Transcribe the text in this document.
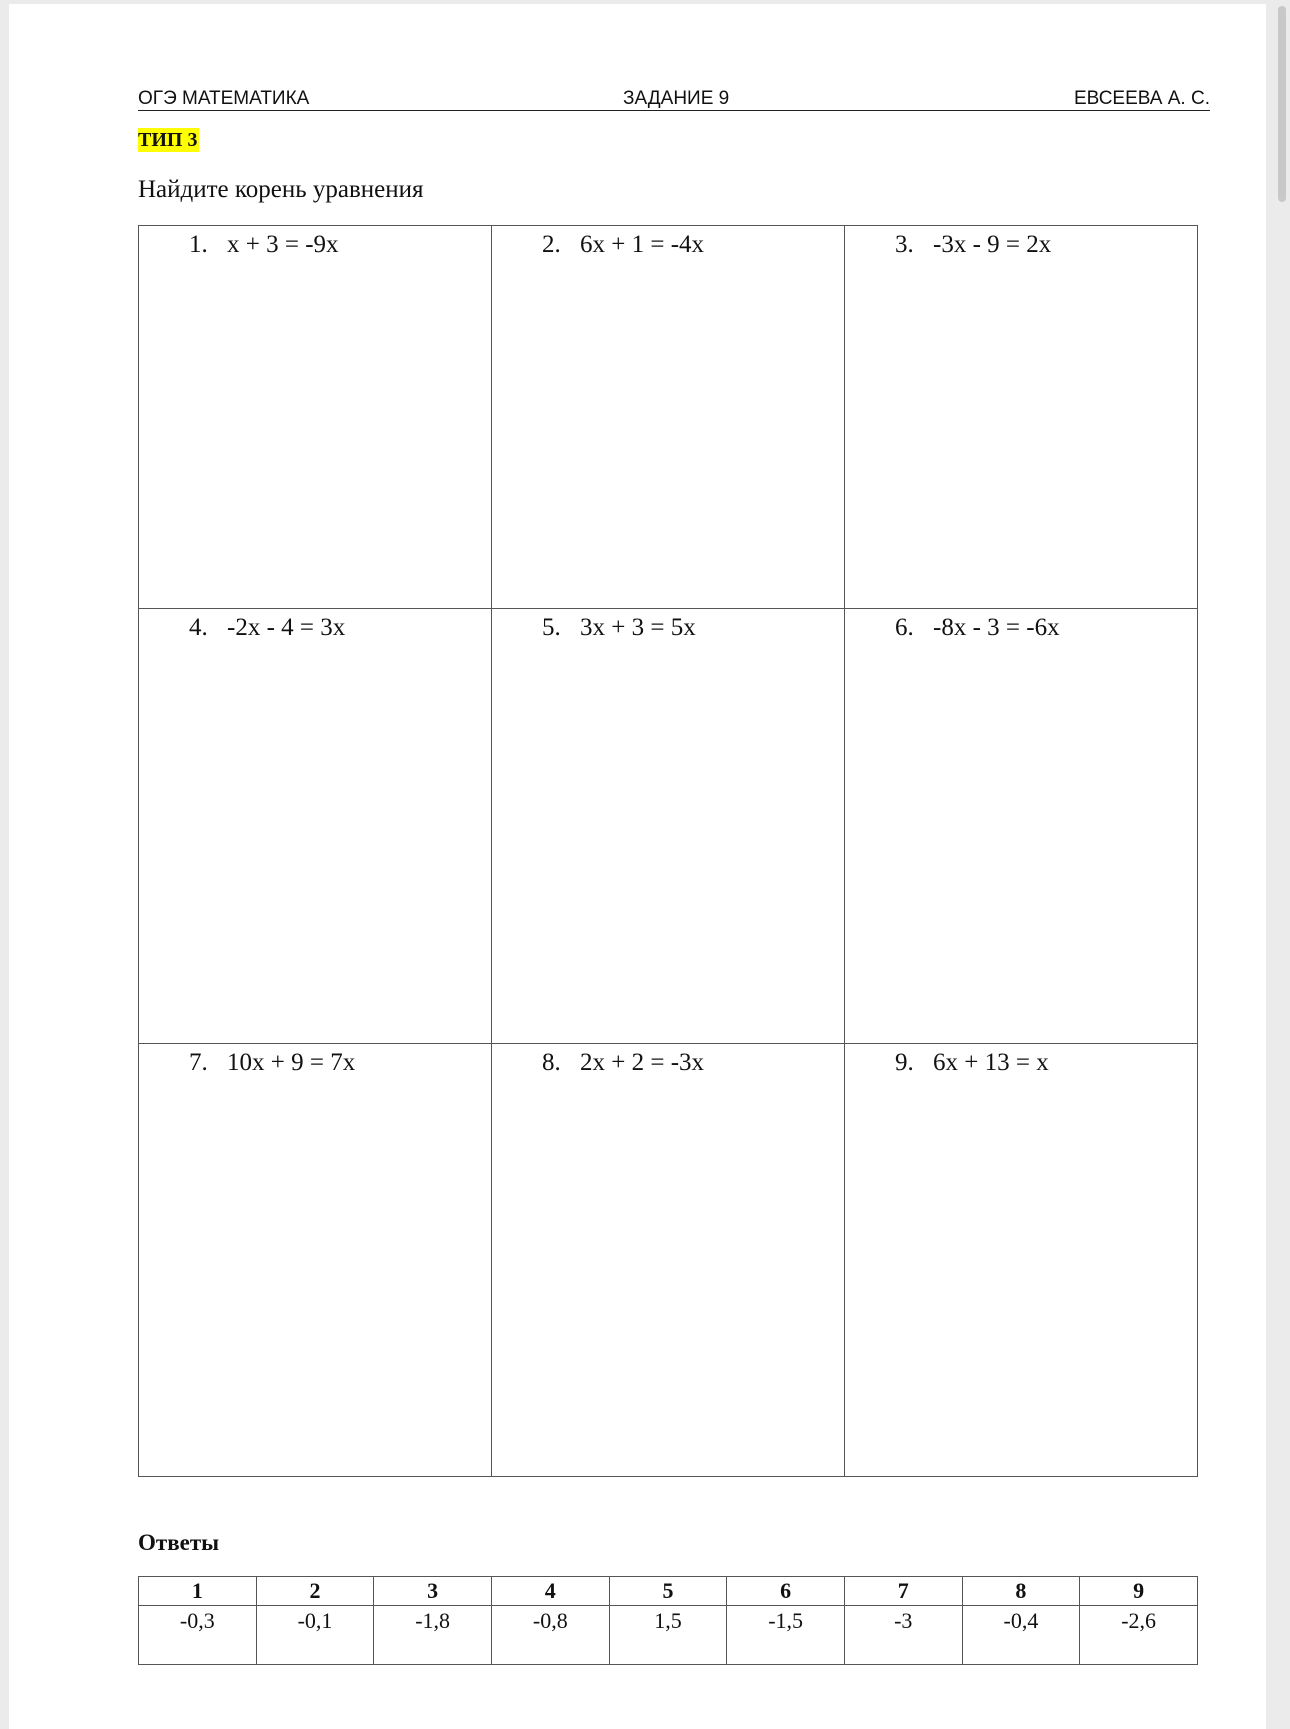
ОГЭ МАТЕМАТИКА	ЗАДАНИЕ 9	ЕВСЕЕВА А. С.
ТИП 3
Найдите корень уравнения
1. x + 3 = -9x	2. 6x + 1 = -4x	3. -3x - 9 = 2x
4. -2x - 4 = 3x	5. 3x + 3 = 5x	6. -8x - 3 = -6x
7. 10x + 9 = 7x	8. 2x + 2 = -3x	9. 6x + 13 = x
Ответы
1	2	3	4	5	6	7	8	9
-0,3	-0,1	-1,8	-0,8	1,5	-1,5	-3	-0,4	-2,6
